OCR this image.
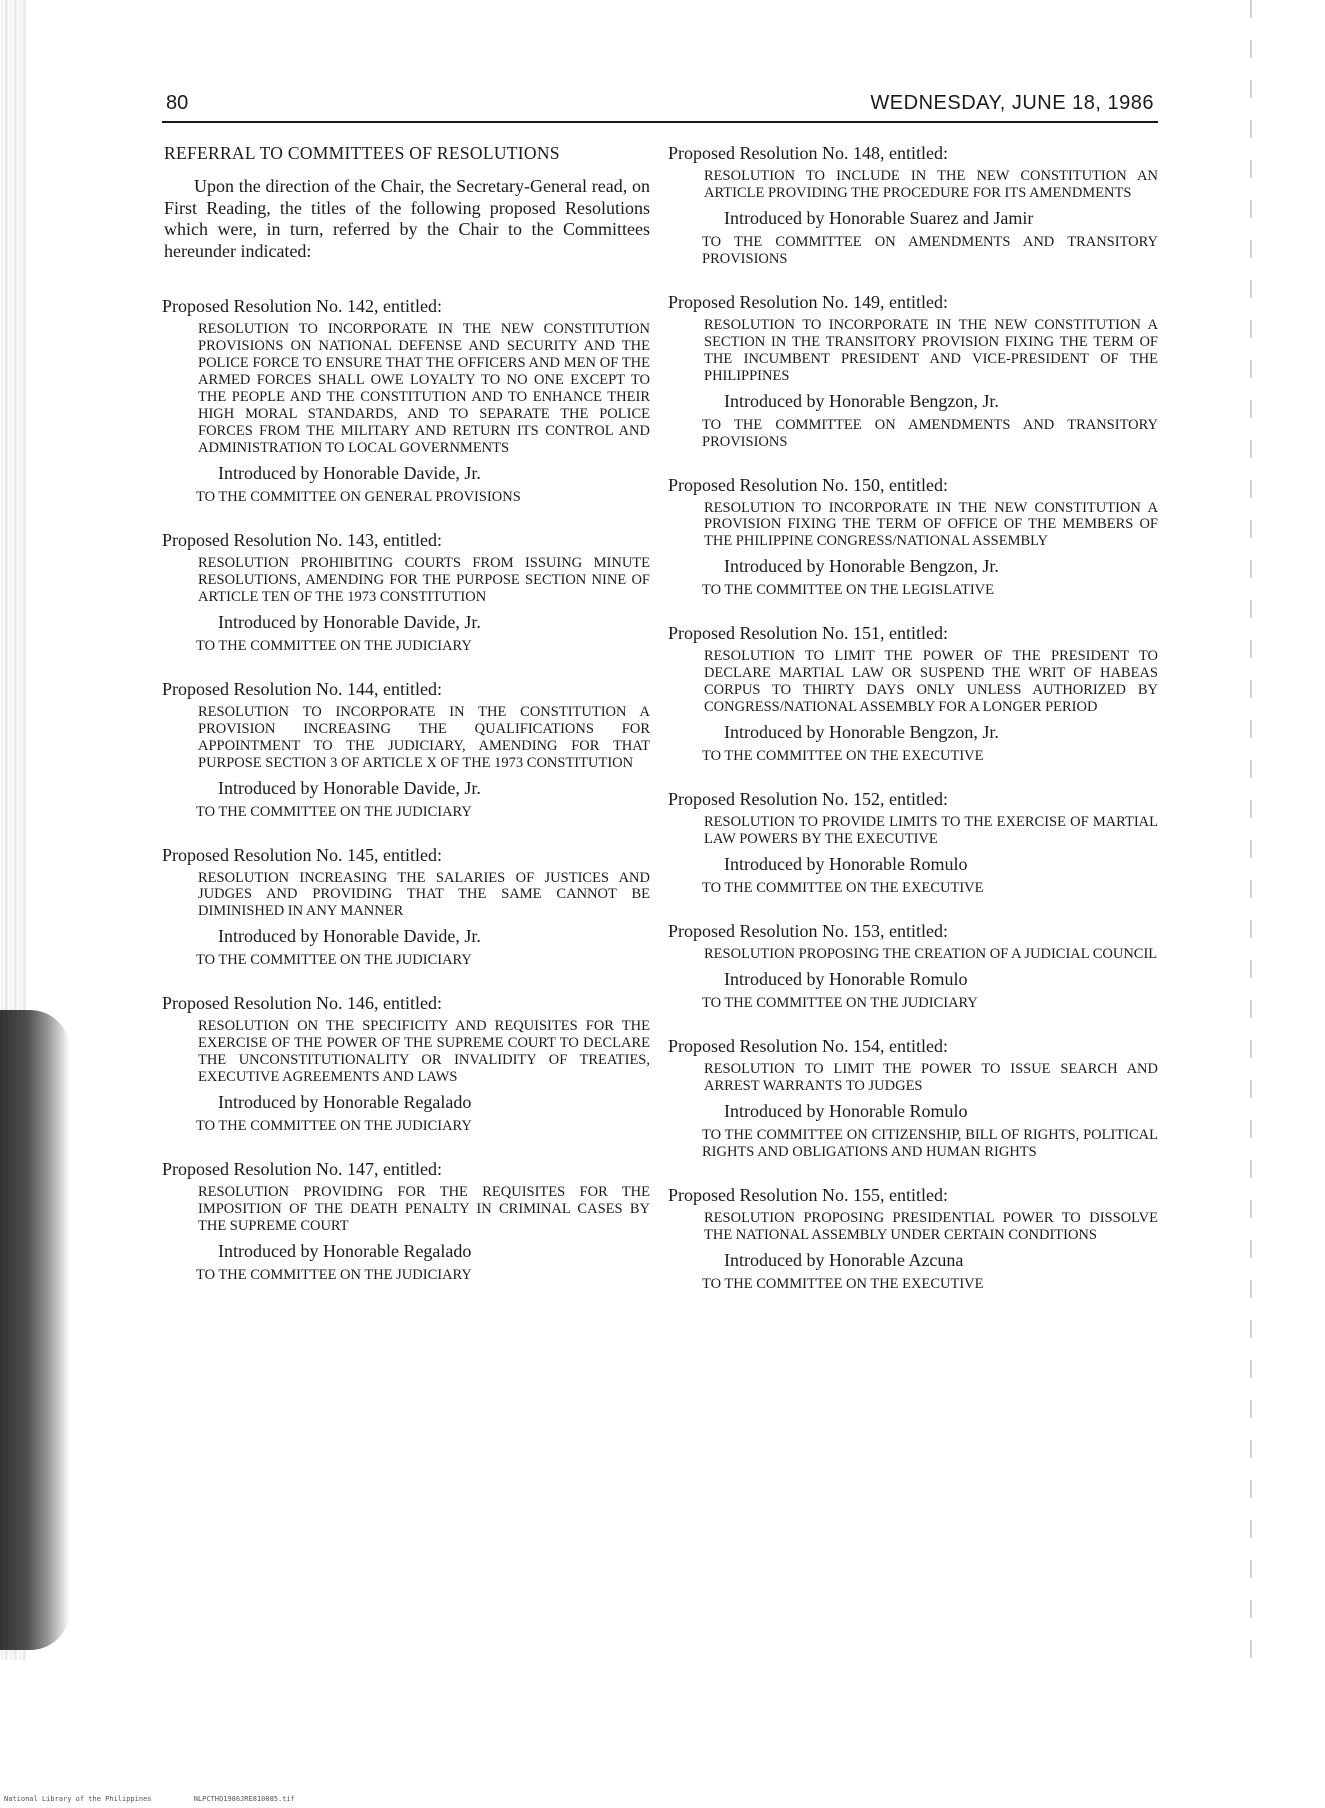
80	WEDNESDAY, JUNE 18, 1986
REFERRAL TO COMMITTEES OF RESOLUTIONS

Upon the direction of the Chair, the Secretary-General read, on First Reading, the titles of the following proposed Resolutions which were, in turn, referred by the Chair to the Committees hereunder indicated:

Proposed Resolution No. 142, entitled:
RESOLUTION TO INCORPORATE IN THE NEW CONSTITUTION PROVISIONS ON NATIONAL DEFENSE AND SECURITY AND THE POLICE FORCE TO ENSURE THAT THE OFFICERS AND MEN OF THE ARMED FORCES SHALL OWE LOYALTY TO NO ONE EXCEPT TO THE PEOPLE AND THE CONSTITUTION AND TO ENHANCE THEIR HIGH MORAL STANDARDS, AND TO SEPARATE THE POLICE FORCES FROM THE MILITARY AND RETURN ITS CONTROL AND ADMINISTRATION TO LOCAL GOVERNMENTS
Introduced by Honorable Davide, Jr.
TO THE COMMITTEE ON GENERAL PROVISIONS
Proposed Resolution No. 143, entitled:
RESOLUTION PROHIBITING COURTS FROM ISSUING MINUTE RESOLUTIONS, AMENDING FOR THE PURPOSE SECTION NINE OF ARTICLE TEN OF THE 1973 CONSTITUTION
Introduced by Honorable Davide, Jr.
TO THE COMMITTEE ON THE JUDICIARY
Proposed Resolution No. 144, entitled:
RESOLUTION TO INCORPORATE IN THE CONSTITUTION A PROVISION INCREASING THE QUALIFICATIONS FOR APPOINTMENT TO THE JUDICIARY, AMENDING FOR THAT PURPOSE SECTION 3 OF ARTICLE X OF THE 1973 CONSTITUTION
Introduced by Honorable Davide, Jr.
TO THE COMMITTEE ON THE JUDICIARY
Proposed Resolution No. 145, entitled:
RESOLUTION INCREASING THE SALARIES OF JUSTICES AND JUDGES AND PROVIDING THAT THE SAME CANNOT BE DIMINISHED IN ANY MANNER
Introduced by Honorable Davide, Jr.
TO THE COMMITTEE ON THE JUDICIARY
Proposed Resolution No. 146, entitled:
RESOLUTION ON THE SPECIFICITY AND REQUISITES FOR THE EXERCISE OF THE POWER OF THE SUPREME COURT TO DECLARE THE UNCONSTITUTIONALITY OR INVALIDITY OF TREATIES, EXECUTIVE AGREEMENTS AND LAWS
Introduced by Honorable Regalado
TO THE COMMITTEE ON THE JUDICIARY
Proposed Resolution No. 147, entitled:
RESOLUTION PROVIDING FOR THE REQUISITES FOR THE IMPOSITION OF THE DEATH PENALTY IN CRIMINAL CASES BY THE SUPREME COURT
Introduced by Honorable Regalado
TO THE COMMITTEE ON THE JUDICIARY
Proposed Resolution No. 148, entitled:
RESOLUTION TO INCLUDE IN THE NEW CONSTITUTION AN ARTICLE PROVIDING THE PROCEDURE FOR ITS AMENDMENTS
Introduced by Honorable Suarez and Jamir
TO THE COMMITTEE ON AMENDMENTS AND TRANSITORY PROVISIONS
Proposed Resolution No. 149, entitled:
RESOLUTION TO INCORPORATE IN THE NEW CONSTITUTION A SECTION IN THE TRANSITORY PROVISION FIXING THE TERM OF THE INCUMBENT PRESIDENT AND VICE-PRESIDENT OF THE PHILIPPINES
Introduced by Honorable Bengzon, Jr.
TO THE COMMITTEE ON AMENDMENTS AND TRANSITORY PROVISIONS
Proposed Resolution No. 150, entitled:
RESOLUTION TO INCORPORATE IN THE NEW CONSTITUTION A PROVISION FIXING THE TERM OF OFFICE OF THE MEMBERS OF THE PHILIPPINE CONGRESS/NATIONAL ASSEMBLY
Introduced by Honorable Bengzon, Jr.
TO THE COMMITTEE ON THE LEGISLATIVE
Proposed Resolution No. 151, entitled:
RESOLUTION TO LIMIT THE POWER OF THE PRESIDENT TO DECLARE MARTIAL LAW OR SUSPEND THE WRIT OF HABEAS CORPUS TO THIRTY DAYS ONLY UNLESS AUTHORIZED BY CONGRESS/NATIONAL ASSEMBLY FOR A LONGER PERIOD
Introduced by Honorable Bengzon, Jr.
TO THE COMMITTEE ON THE EXECUTIVE
Proposed Resolution No. 152, entitled:
RESOLUTION TO PROVIDE LIMITS TO THE EXERCISE OF MARTIAL LAW POWERS BY THE EXECUTIVE
Introduced by Honorable Romulo
TO THE COMMITTEE ON THE EXECUTIVE
Proposed Resolution No. 153, entitled:
RESOLUTION PROPOSING THE CREATION OF A JUDICIAL COUNCIL
Introduced by Honorable Romulo
TO THE COMMITTEE ON THE JUDICIARY
Proposed Resolution No. 154, entitled:
RESOLUTION TO LIMIT THE POWER TO ISSUE SEARCH AND ARREST WARRANTS TO JUDGES
Introduced by Honorable Romulo
TO THE COMMITTEE ON CITIZENSHIP, BILL OF RIGHTS, POLITICAL RIGHTS AND OBLIGATIONS AND HUMAN RIGHTS
Proposed Resolution No. 155, entitled:
RESOLUTION PROPOSING PRESIDENTIAL POWER TO DISSOLVE THE NATIONAL ASSEMBLY UNDER CERTAIN CONDITIONS
Introduced by Honorable Azcuna
TO THE COMMITTEE ON THE EXECUTIVE
National Library of the Philippines	NLPCTHO1986JRE810085.tif
